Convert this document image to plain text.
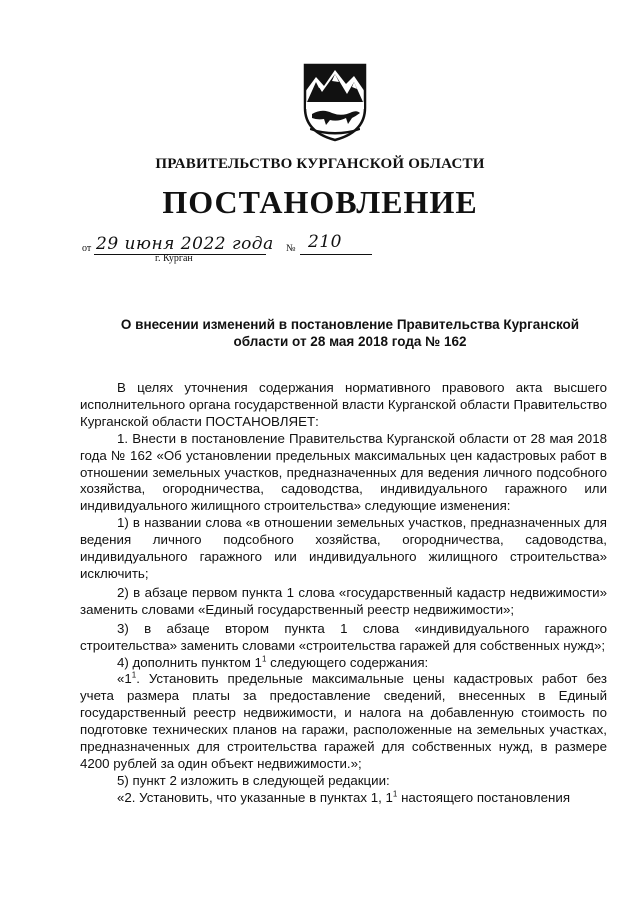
ПРАВИТЕЛЬСТВО КУРГАНСКОЙ ОБЛАСТИ
ПОСТАНОВЛЕНИЕ
от 29 июня 2022 года № 210
г. Курган
О внесении изменений в постановление Правительства Курганской
области от 28 мая 2018 года № 162

В целях уточнения содержания нормативного правового акта высшего исполнительного органа государственной власти Курганской области Правительство Курганской области ПОСТАНОВЛЯЕТ:

1. Внести в постановление Правительства Курганской области от 28 мая 2018 года № 162 «Об установлении предельных максимальных цен кадастровых работ в отношении земельных участков, предназначенных для ведения личного подсобного хозяйства, огородничества, садоводства, индивидуального гаражного или индивидуального жилищного строительства» следующие изменения:

1) в названии слова «в отношении земельных участков, предназначенных для ведения личного подсобного хозяйства, огородничества, садоводства, индивидуального гаражного или индивидуального жилищного строительства» исключить;

2) в абзаце первом пункта 1 слова «государственный кадастр недвижимости» заменить словами «Единый государственный реестр недвижимости»;

3) в абзаце втором пункта 1 слова «индивидуального гаражного строительства» заменить словами «строительства гаражей для собственных нужд»;

4) дополнить пунктом $1^1$ следующего содержания:

«$1^1$. Установить предельные максимальные цены кадастровых работ без учета размера платы за предоставление сведений, внесенных в Единый государственный реестр недвижимости, и налога на добавленную стоимость по подготовке технических планов на гаражи, расположенные на земельных участках, предназначенных для строительства гаражей для собственных нужд, в размере 4200 рублей за один объект недвижимости.»;

5) пункт 2 изложить в следующей редакции:

«2. Установить, что указанные в пунктах 1, $1^1$ настоящего постановления
